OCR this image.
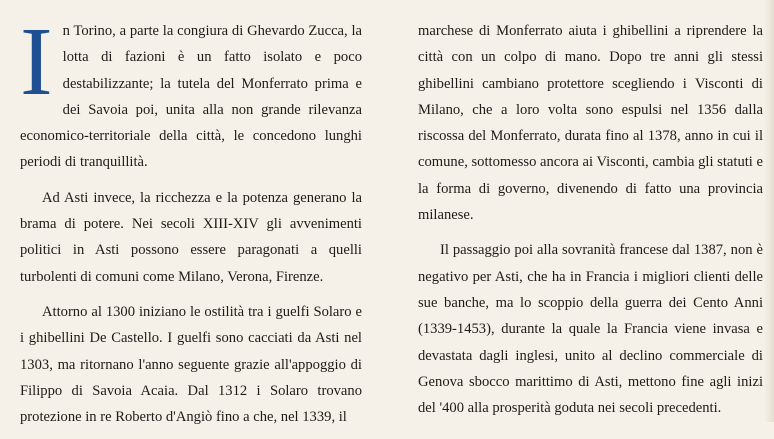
In Torino, a parte la congiura di Ghevardo Zucca, la lotta di fazioni è un fatto isolato e poco destabilizzante; la tutela del Monferrato prima e dei Savoia poi, unita alla non grande rilevanza economico-territoriale della città, le concedono lunghi periodi di tranquillità.

Ad Asti invece, la ricchezza e la potenza generano la brama di potere. Nei secoli XIII-XIV gli avvenimenti politici in Asti possono essere paragonati a quelli turbolenti di comuni come Milano, Verona, Firenze.

Attorno al 1300 iniziano le ostilità tra i guelfi Solaro e i ghibellini De Castello. I guelfi sono cacciati da Asti nel 1303, ma ritornano l'anno seguente grazie all'appoggio di Filippo di Savoia Acaia. Dal 1312 i Solaro trovano protezione in re Roberto d'Angiò fino a che, nel 1339, il

marchese di Monferrato aiuta i ghibellini a riprendere la città con un colpo di mano. Dopo tre anni gli stessi ghibellini cambiano protettore scegliendo i Visconti di Milano, che a loro volta sono espulsi nel 1356 dalla riscossa del Monferrato, durata fino al 1378, anno in cui il comune, sottomesso ancora ai Visconti, cambia gli statuti e la forma di governo, divenendo di fatto una provincia milanese.

Il passaggio poi alla sovranità francese dal 1387, non è negativo per Asti, che ha in Francia i migliori clienti delle sue banche, ma lo scoppio della guerra dei Cento Anni (1339-1453), durante la quale la Francia viene invasa e devastata dagli inglesi, unito al declino commerciale di Genova sbocco marittimo di Asti, mettono fine agli inizi del '400 alla prosperità goduta nei secoli precedenti.
